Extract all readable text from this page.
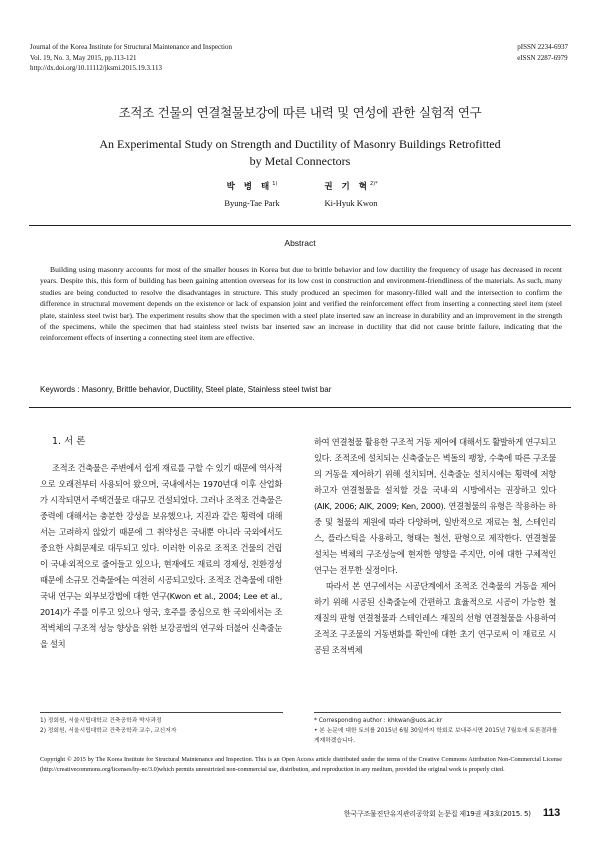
Journal of the Korea Institute for Structural Maintenance and Inspection
Vol. 19, No. 3, May 2015, pp.113-121
http://dx.doi.org/10.11112/jksmi.2015.19.3.113
pISSN 2234-6937
eISSN 2287-6979
조적조 건물의 연결철물보강에 따른 내력 및 연성에 관한 실험적 연구
An Experimental Study on Strength and Ductility of Masonry Buildings Retrofitted
by Metal Connectors
박 병 태$^{1)}$
Byung-Tae Park
권 기 혁$^{2)*}$
Ki-Hyuk Kwon
Abstract
Building using masonry accounts for most of the smaller houses in Korea but due to brittle behavior and low ductility the frequency of usage has decreased in recent years. Despite this, this form of building has been gaining attention overseas for its low cost in construction and environment-friendliness of the materials. As such, many studies are being conducted to resolve the disadvantages in structure. This study produced an specimen for masonry-filled wall and the intersection to confirm the difference in structural movement depends on the existence or lack of expansion joint and verified the reinforcement effect from inserting a connecting steel item (steel plate, stainless steel twist bar). The experiment results show that the specimen with a steel plate inserted saw an increase in durability and an improvement in the strength of the specimens, while the specimen that had stainless steel twists bar inserted saw an increase in ductility that did not cause brittle failure, indicating that the reinforcement effects of inserting a connecting steel item are effective.
Keywords : Masonry, Brittle behavior, Ductility, Steel plate, Stainless steel twist bar
1. 서 론

조적조 건축물은 주변에서 쉽게 재료를 구할 수 있기 때문에 역사적으로 오래전부터 사용되어 왔으며, 국내에서는 1970년대 이후 산업화가 시작되면서 주택건물로 대규모 건설되었다. 그러나 조적조 건축물은 중력에 대해서는 충분한 강성을 보유했으나, 지진과 같은 횡력에 대해서는 고려하지 않았기 때문에 그 취약성은 국내뿐 아니라 국외에서도 중요한 사회문제로 대두되고 있다. 이러한 이유로 조적조 건물의 건립이 국내·외적으로 줄어들고 있으나, 현재에도 재료의 경제성, 친환경성 때문에 소규모 건축물에는 여전히 시공되고있다. 조적조 건축물에 대한 국내 연구는 외부보강법에 대한 연구(Kwon et al., 2004; Lee et al., 2014)가 주를 이루고 있으나 영국, 호주를 중심으로 한 국외에서는 조적벽체의 구조적 성능 향상을 위한 보강공법의 연구와 더불어 신축줄눈을 설치

하여 연결철물 활용한 구조적 거동 제어에 대해서도 활발하게 연구되고 있다. 조적조에 설치되는 신축줄눈은 벽돌의 팽창, 수축에 따른 구조물의 거동을 제어하기 위해 설치되며, 신축줄눈 설치시에는 횡력에 저항하고자 연결철물을 설치할 것을 국내·외 시방에서는 권장하고 있다 (AIK, 2006; AIK, 2009; Ken, 2000). 연결철물의 유형은 작용하는 하중 및 철물의 제원에 따라 다양하며, 일반적으로 재료는 철, 스테인리스, 플라스틱을 사용하고, 형태는 철선, 판형으로 제작한다. 연결철물 설치는 벽체의 구조성능에 현저한 영향을 주지만, 이에 대한 구체적인 연구는 전무한 실정이다.

따라서 본 연구에서는 시공단계에서 조적조 건축물의 거동을 제어하기 위해 시공된 신축줄눈에 간편하고 효율적으로 시공이 가능한 철 재질의 판형 연결철물과 스테인레스 재질의 선형 연결철물을 사용하여 조적조 구조물의 거동변화를 확인에 대한 초기 연구로써 이 재료로 시공된 조적벽체

1) 정회원, 서울시립대학교 건축공학과 박사과정
2) 정회원, 서울시립대학교 건축공학과 교수, 교신저자
* Corresponding author : khkwan@uos.ac.kr
• 본 논문에 대한 토의를 2015년 6월 30일까지 학회로 보내주시면 2015년 7월호에 토론결과를 게재하겠습니다.
Copyright © 2015 by The Korea Institute for Structural Maintenance and Inspection. This is an Open Access article distributed under the terms of the Creative Commons Attribution Non-Commercial License (http://creativecommons.org/licenses/by-nc/3.0)which permits unrestricted non-commercial use, distribution, and reproduction in any medium, provided the original work is properly cited.
한국구조물진단유지관리공학회 논문집 제19권 제3호(2015. 5) 113
